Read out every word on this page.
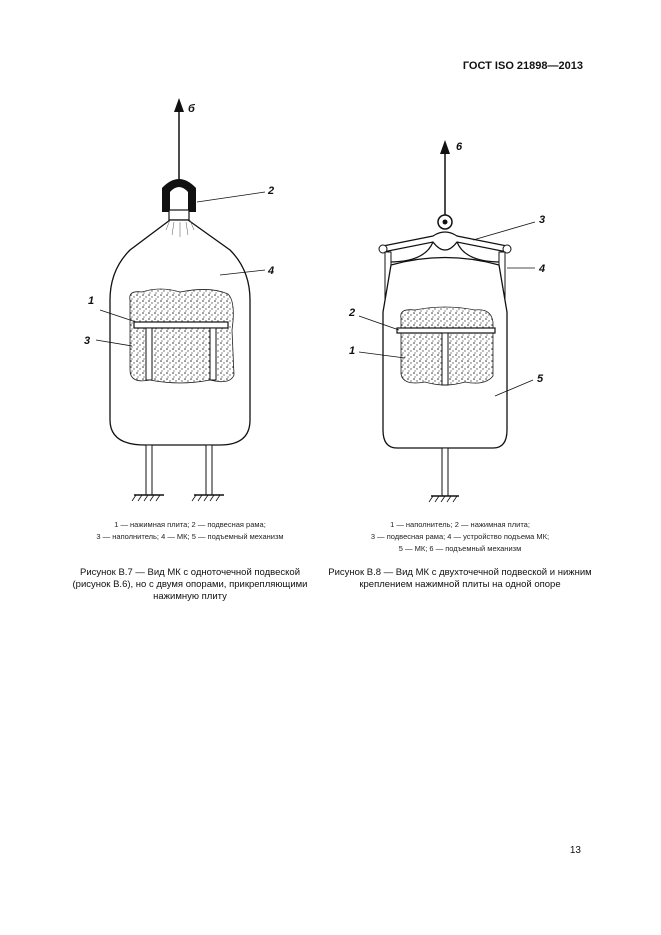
ГОСТ ISO 21898—2013
б
2
4
1
3
6
3
4
2
1
5
1 — нажимная плита; 2 — подвесная рама;
3 — наполнитель; 4 — МК; 5 — подъемный механизм
1 — наполнитель; 2 — нажимная плита;
3 — подвесная рама; 4 — устройство подъема МК;
5 — МК; 6 — подъемный механизм
Рисунок В.7 — Вид МК с одноточечной подвеской (рисунок В.6), но с двумя опорами, прикрепляющими нажимную плиту
Рисунок В.8 — Вид МК с двухточечной подвеской и нижним креплением нажимной плиты на одной опоре
13
